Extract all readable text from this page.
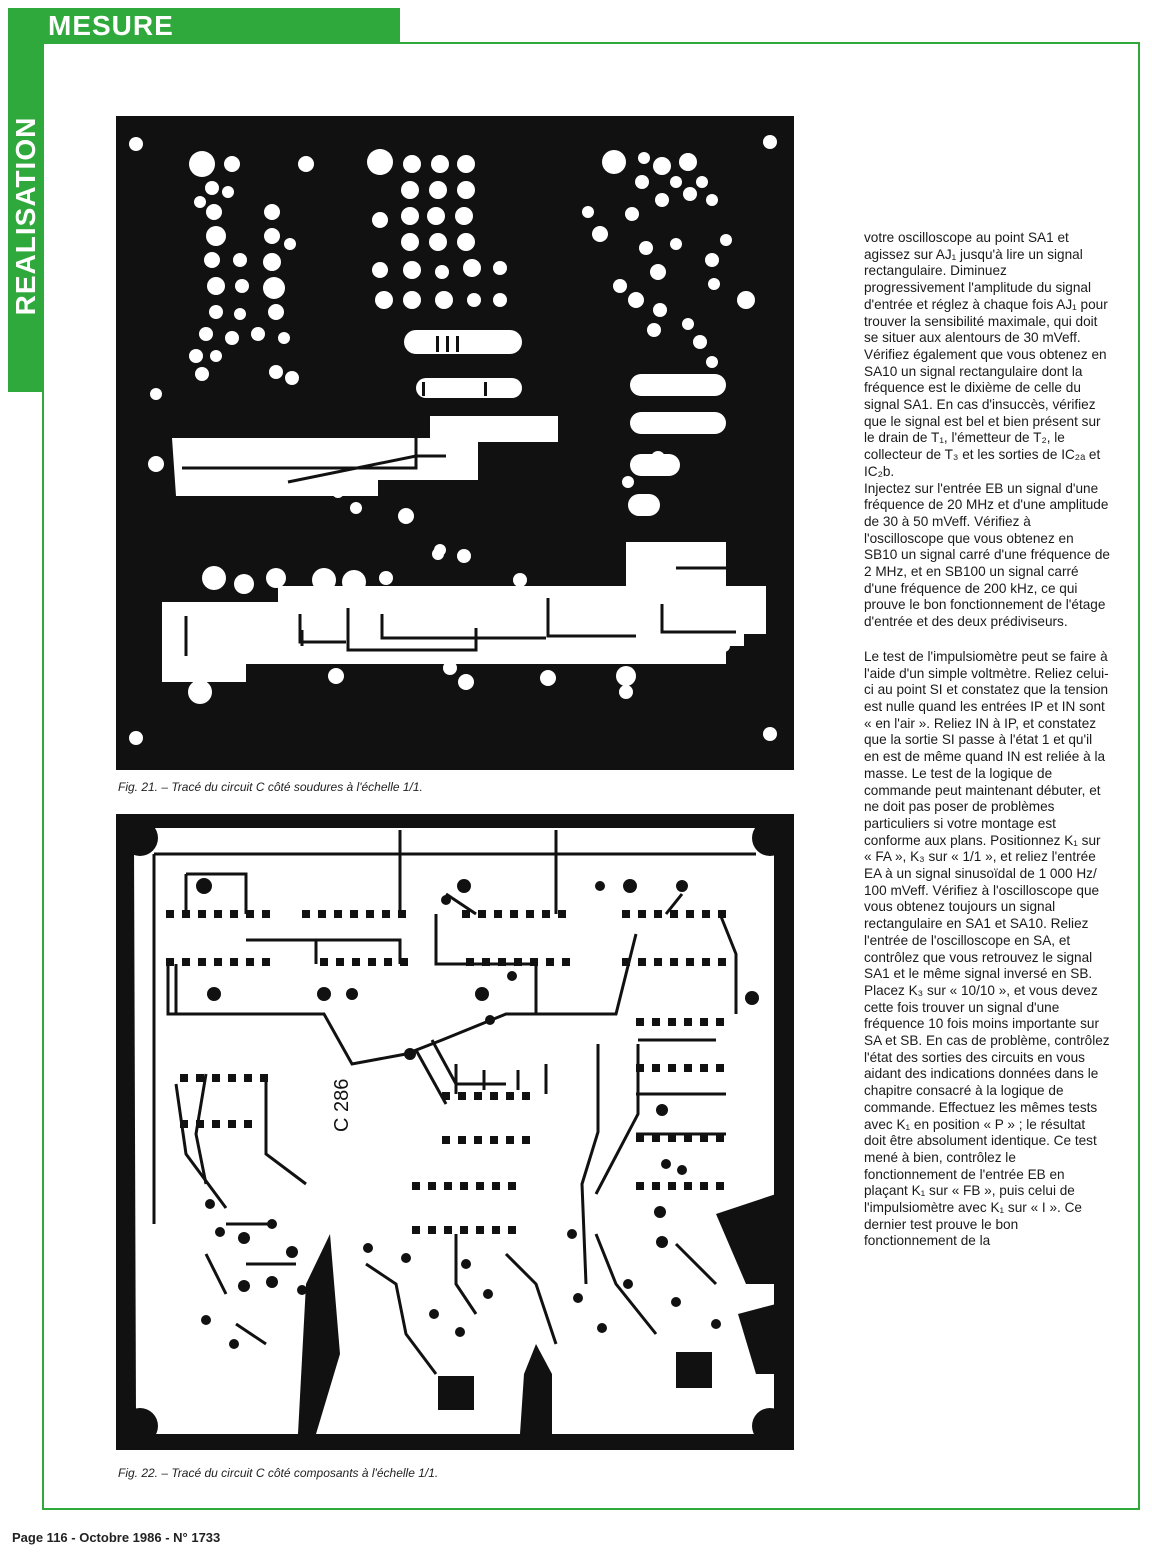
MESURE
REALISATION
Fig. 21. – Tracé du circuit C côté soudures à l'échelle 1/1.
C 286
Fig. 22. – Tracé du circuit C côté composants à l'échelle 1/1.

votre oscilloscope au point SA1 et agissez sur AJ₁ jusqu'à lire un signal rectangulaire. Diminuez progressivement l'amplitude du signal d'entrée et réglez à chaque fois AJ₁ pour trouver la sensibilité maximale, qui doit se situer aux alentours de 30 mVeff. Vérifiez également que vous obtenez en SA10 un signal rectangulaire dont la fréquence est le dixième de celle du signal SA1. En cas d'insuccès, vérifiez que le signal est bel et bien présent sur le drain de T₁, l'émetteur de T₂, le collecteur de T₃ et les sorties de IC₂ₐ et IC₂b.

Injectez sur l'entrée EB un signal d'une fréquence de 20 MHz et d'une amplitude de 30 à 50 mVeff. Vérifiez à l'oscilloscope que vous obtenez en SB10 un signal carré d'une fréquence de 2 MHz, et en SB100 un signal carré d'une fréquence de 200 kHz, ce qui prouve le bon fonctionnement de l'étage d'entrée et des deux prédiviseurs.

Le test de l'impulsiomètre peut se faire à l'aide d'un simple voltmètre. Reliez celui-ci au point SI et constatez que la tension est nulle quand les entrées IP et IN sont « en l'air ». Reliez IN à IP, et constatez que la sortie SI passe à l'état 1 et qu'il en est de même quand IN est reliée à la masse. Le test de la logique de commande peut maintenant débuter, et ne doit pas poser de problèmes particuliers si votre montage est conforme aux plans. Positionnez K₁ sur « FA », K₃ sur « 1/1 », et reliez l'entrée EA à un signal sinusoïdal de 1 000 Hz/ 100 mVeff. Vérifiez à l'oscilloscope que vous obtenez toujours un signal rectangulaire en SA1 et SA10. Reliez l'entrée de l'oscilloscope en SA, et contrôlez que vous retrouvez le signal SA1 et le même signal inversé en SB. Placez K₃ sur « 10/10 », et vous devez cette fois trouver un signal d'une fréquence 10 fois moins importante sur SA et SB. En cas de problème, contrôlez l'état des sorties des circuits en vous aidant des indications données dans le chapitre consacré à la logique de commande. Effectuez les mêmes tests avec K₁ en position « P » ; le résultat doit être absolument identique. Ce test mené à bien, contrôlez le fonctionnement de l'entrée EB en plaçant K₁ sur « FB », puis celui de l'impulsiomètre avec K₁ sur « I ». Ce dernier test prouve le bon fonctionnement de la

Page 116 - Octobre 1986 - N° 1733
